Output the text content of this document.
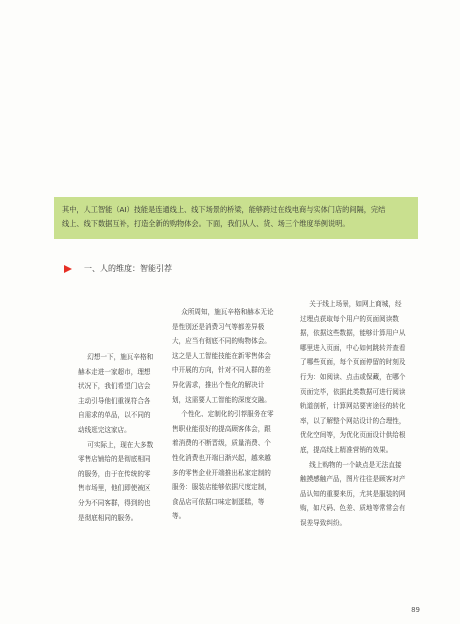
其中，人工智能（AI）技能是连通线上、线下场景的桥梁，能够跨过在线电商与实体门店的间隔，完结

线上、线下数据互补，打造全新的购物体会。下面，我们从人、货、场三个维度举例说明。

一、人的维度：智能引荐

幻想一下，施瓦辛格和赫本走进一家超市，理想状况下，我们希望门店会主动引导他们重视符合各自需求的单品，以不同的动线逛完这家店。

可实际上，现在大多数零售店铺给的是彻底相同的服务，由于在传统的零售市场里，他们即使被区分为不同客群，得到的也是彻底相同的服务。

众所周知，施瓦辛格和赫本无论是性别还是消费习气等都差异极大，应当有彻底不同的购物体会。这之是人工智能技能在新零售体会中开展的方向，针对不同人群的差异化需求，推出个性化的解决计划，这需要人工智能的深度交融。

个性化、定制化的引荐服务在零售职业能很好的提高顾客体会，跟着消费的不断晋级，质量消费、个性化消费也开端日渐兴起，越来越多的零售企业开端推出私家定制的服务：服装店能够依据尺度定制，食品店可依据口味定制蛋糕，等等。

关于线上场景，如网上商城，经过埋点获取每个用户的页面阅读数据，依据这些数据，能够计算用户从哪里进入页面，中心如何跳转并查看了哪些页面，每个页面停留的时刻及行为：如阅读、点击或保藏，在哪个页面完毕，依据此类数据可进行阅读轨道剖析，计算网站要害途径的转化率，以了解整个网站设计的合理性，优化空间等，为优化页面设计供给根底，提高线上精准营销的效果。

线上购物的一个缺点是无法直接触摸感触产品，图片往往是顾客对产品认知的重要来历，尤其是服装的网购，如尺码、色差、质地等常常会有误差导致纠纷。

89
